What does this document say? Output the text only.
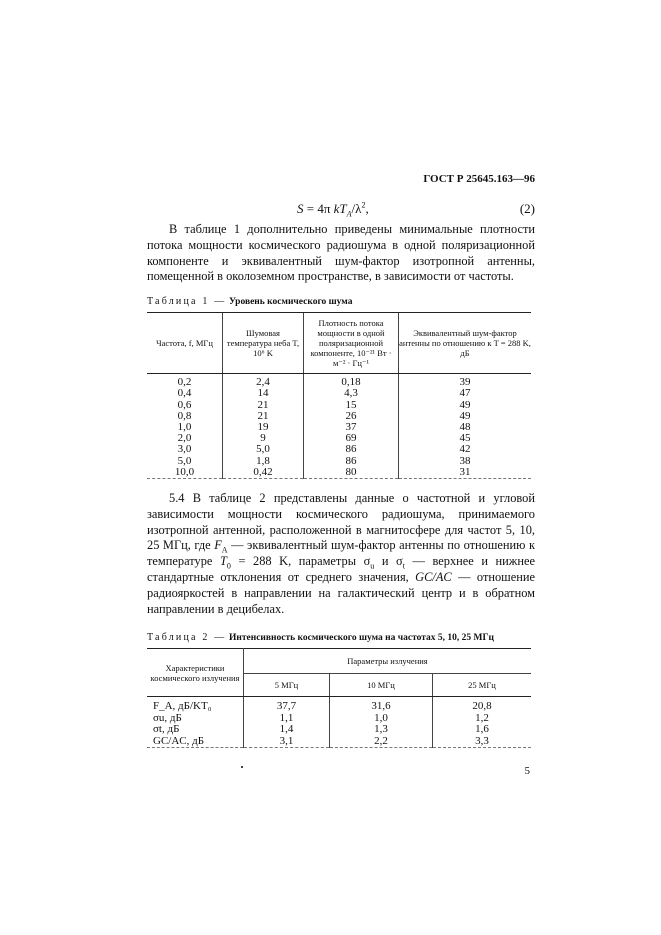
ГОСТ Р 25645.163—96
S = 4π $kT_A/\lambda^2$,	(2)

В таблице 1 дополнительно приведены минимальные плотности потока мощности космического радиошума в одной поляризационной компоненте и эквивалентный шум-фактор изотропной антенны, помещенной в околоземном пространстве, в зависимости от частоты.

Таблица 1 — Уровень космического шума
Частота, f, МГц	Шумовая температура неба T, 10⁶ K	Плотность потока мощности в одной поляризационной компоненте, 10⁻²¹ Вт · м⁻² · Гц⁻¹	Эквивалентный шум-фактор антенны по отношению к T = 288 K, дБ
0,2	2,4	0,18	39
0,4	14	4,3	47
0,6	21	15	49
0,8	21	26	49
1,0	19	37	48
2,0	9	69	45
3,0	5,0	86	42
5,0	1,8	86	38
10,0	0,42	80	31

5.4 В таблице 2 представлены данные о частотной и угловой зависимости мощности космического радиошума, принимаемого изотропной антенной, расположенной в магнитосфере для частот 5, 10, 25 МГц, где $F_A$ — эквивалентный шум-фактор антенны по отношению к температуре $T_0 = 288$ K, параметры $\sigma_u$ и $\sigma_t$ — верхнее и нижнее стандартные отклонения от среднего значения, GC/AC — отношение радиояркостей в направлении на галактический центр и в обратном направлении в децибелах.

Таблица 2 — Интенсивность космического шума на частотах 5, 10, 25 МГц
Характеристики космического излучения	Параметры излучения		
	5 МГц	10 МГц	25 МГц
F_A, дБ/KT₀	37,7	31,6	20,8
σu, дБ	1,1	1,0	1,2
σt, дБ	1,4	1,3	1,6
GC/AC, дБ	3,1	2,2	3,3
5
